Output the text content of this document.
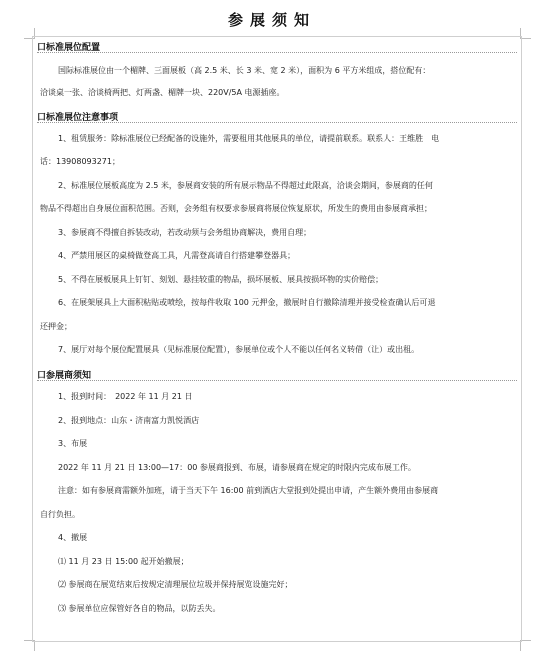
参展须知
口标准展位配置
国际标准展位由一个楣牌、三面展板（高 2.5 米、长 3 米、宽 2 米），面积为 6 平方米组成，搭位配有：
洽谈桌一张、洽谈椅两把、灯两盏、楣牌一块、220V/5A 电源插座。
口标准展位注意事项
1、租赁服务：除标准展位已经配备的设施外，需要租用其他展具的单位，请提前联系。联系人：王维胜　电
话：13908093271；
2、标准展位展板高度为 2.5 米，参展商安装的所有展示物品不得超过此限高，洽谈会期间，参展商的任何
物品不得超出自身展位面积范围。否则，会务组有权要求参展商将展位恢复原状，所发生的费用由参展商承担；
3、参展商不得擅自拆装改动，若改动须与会务组协商解决，费用自理；
4、严禁用展区的桌椅做登高工具，凡需登高请自行搭建攀登器具；
5、不得在展板展具上钉钉、刻划、悬挂较重的物品，损坏展板、展具按损坏物的实价赔偿；
6、在展架展具上大面积粘贴或喷绘，按每件收取 100 元押金，撤展时自行撤除清理并接受检查确认后可退
还押金；
7、展厅对每个展位配置展具（见标准展位配置），参展单位或个人不能以任何名义转借（让）或出租。
口参展商须知
1、报到时间：　2022 年 11 月 21 日
2、报到地点：山东・济南富力凯悦酒店
3、布展
2022 年 11 月 21 日 13:00—17：00 参展商报到、布展，请参展商在规定的时限内完成布展工作。
注意：如有参展商需额外加班，请于当天下午 16:00 前到酒店大堂报到处提出申请，产生额外费用由参展商
自行负担。
4、撤展
⑴ 11 月 23 日 15:00 起开始撤展；
⑵ 参展商在展览结束后按规定清理展位垃圾并保持展览设施完好；
⑶ 参展单位应保管好各自的物品，以防丢失。
